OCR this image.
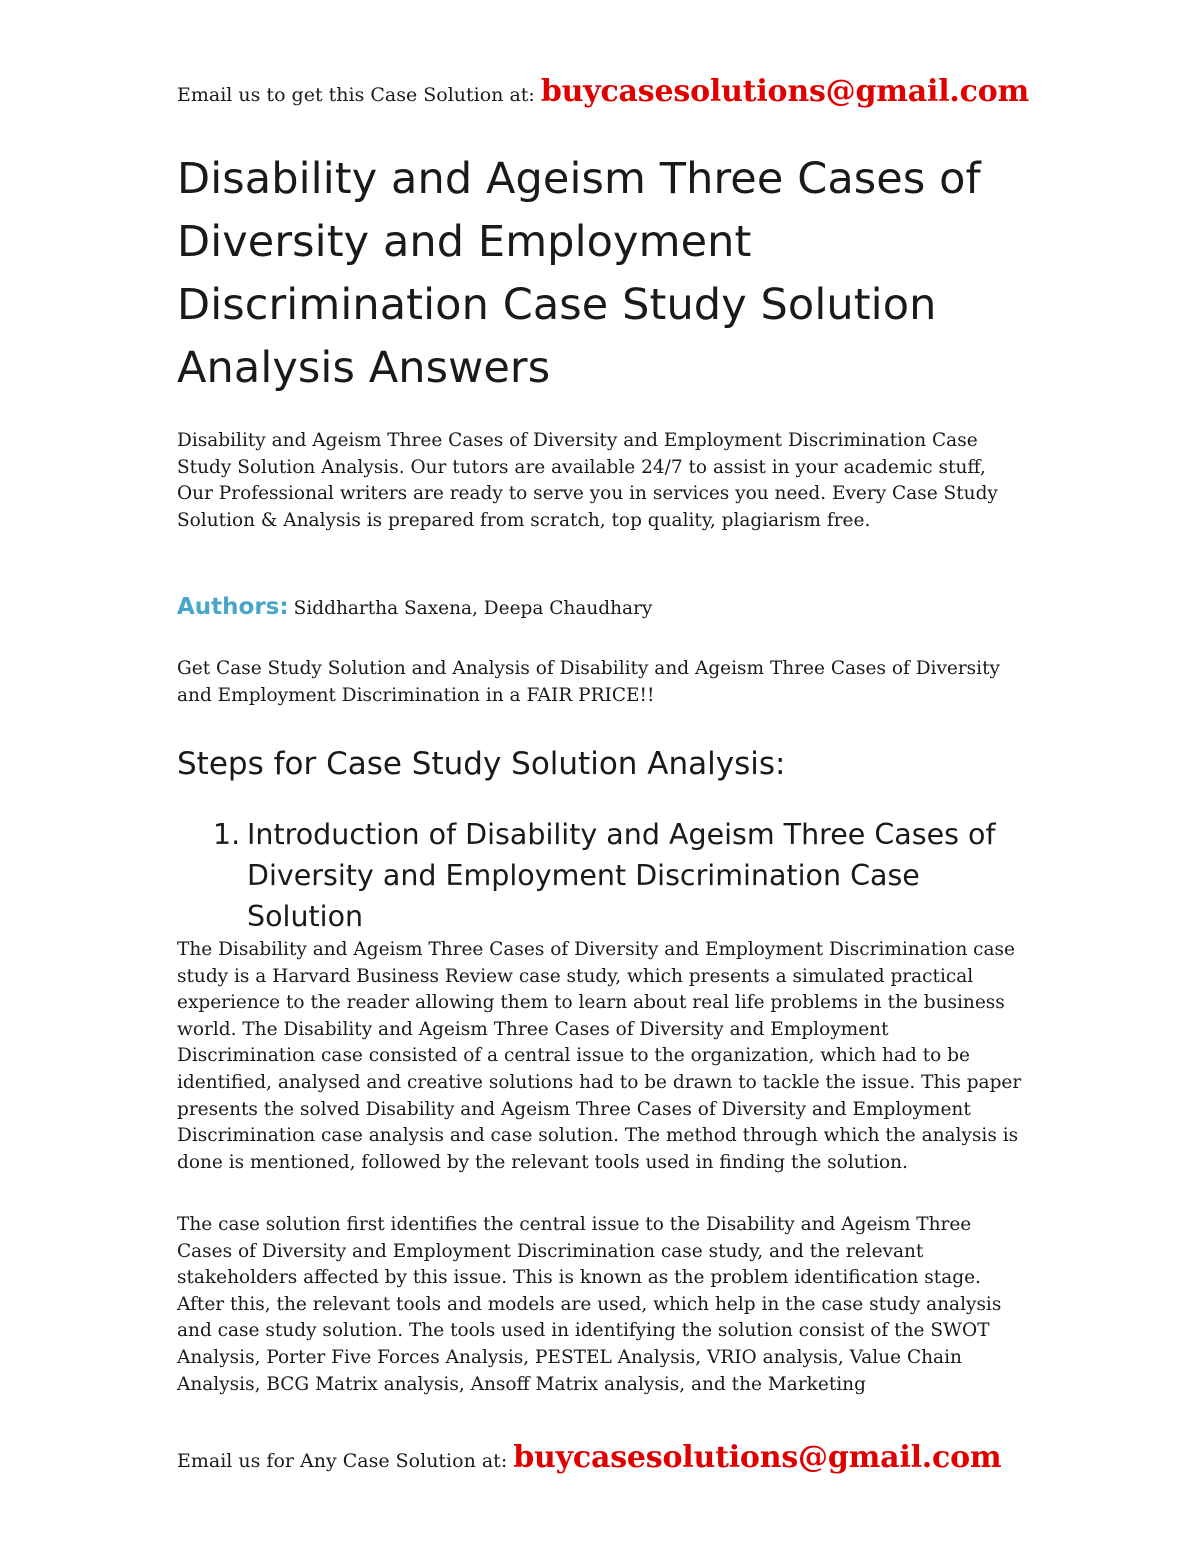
Email us to get this Case Solution at: buycasesolutions@gmail.com
Disability and Ageism Three Cases of Diversity and Employment Discrimination Case Study Solution Analysis Answers

Disability and Ageism Three Cases of Diversity and Employment Discrimination Case Study Solution Analysis. Our tutors are available 24/7 to assist in your academic stuff, Our Professional writers are ready to serve you in services you need. Every Case Study Solution & Analysis is prepared from scratch, top quality, plagiarism free.

Authors: Siddhartha Saxena, Deepa Chaudhary

Get Case Study Solution and Analysis of Disability and Ageism Three Cases of Diversity and Employment Discrimination in a FAIR PRICE!!

Steps for Case Study Solution Analysis:
1. Introduction of Disability and Ageism Three Cases of Diversity and Employment Discrimination Case Solution

The Disability and Ageism Three Cases of Diversity and Employment Discrimination case study is a Harvard Business Review case study, which presents a simulated practical experience to the reader allowing them to learn about real life problems in the business world. The Disability and Ageism Three Cases of Diversity and Employment Discrimination case consisted of a central issue to the organization, which had to be identified, analysed and creative solutions had to be drawn to tackle the issue. This paper presents the solved Disability and Ageism Three Cases of Diversity and Employment Discrimination case analysis and case solution. The method through which the analysis is done is mentioned, followed by the relevant tools used in finding the solution.

The case solution first identifies the central issue to the Disability and Ageism Three Cases of Diversity and Employment Discrimination case study, and the relevant stakeholders affected by this issue. This is known as the problem identification stage. After this, the relevant tools and models are used, which help in the case study analysis and case study solution. The tools used in identifying the solution consist of the SWOT Analysis, Porter Five Forces Analysis, PESTEL Analysis, VRIO analysis, Value Chain Analysis, BCG Matrix analysis, Ansoff Matrix analysis, and the Marketing

Email us for Any Case Solution at: buycasesolutions@gmail.com
